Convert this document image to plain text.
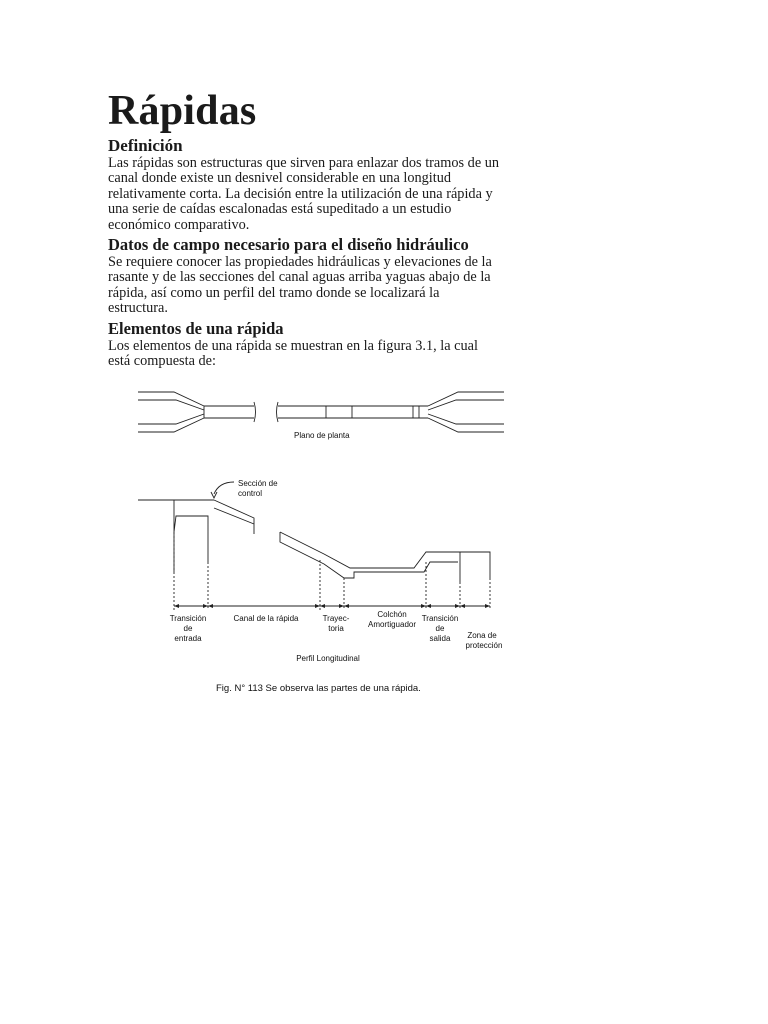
Rápidas
Definición

Las rápidas son estructuras que sirven para enlazar dos tramos de un
canal donde existe un desnivel considerable en una longitud
relativamente corta. La decisión entre la utilización de una rápida y
una serie de caídas escalonadas está supeditado a un estudio
económico comparativo.

Datos de campo necesario para el diseño hidráulico

Se requiere conocer las propiedades hidráulicas y elevaciones de la
rasante y de las secciones del canal aguas arriba yaguas abajo de la
rápida, así como un perfil del tramo donde se localizará la
estructura.

Elementos de una rápida

Los elementos de una rápida se muestran en la figura 3.1, la cual
está compuesta de:

Plano de planta
Sección de
control
Transición
de
entrada
Canal de la rápida	Trayec-
toria
Colchón
Amortiguador
Transición
de
salida Zona de
protección
Perfil Longitudinal
Fig. N° 113 Se observa las partes de una rápida.
